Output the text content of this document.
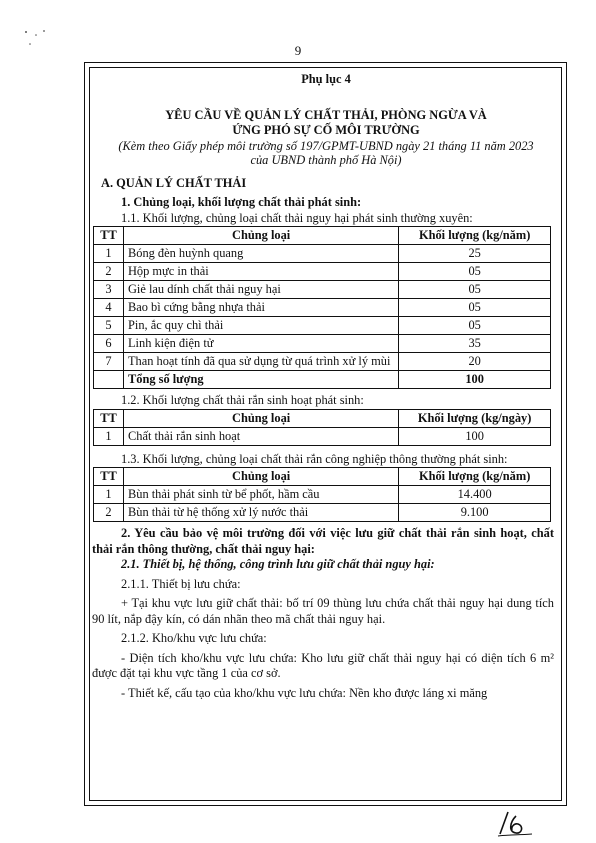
9
Phụ lục 4
YÊU CẦU VỀ QUẢN LÝ CHẤT THẢI, PHÒNG NGỪA VÀ
ỨNG PHÓ SỰ CỐ MÔI TRƯỜNG
(Kèm theo Giấy phép môi trường số 197/GPMT-UBND ngày 21 tháng 11 năm 2023
của UBND thành phố Hà Nội)
A. QUẢN LÝ CHẤT THẢI
1. Chủng loại, khối lượng chất thải phát sinh:
1.1. Khối lượng, chủng loại chất thải nguy hại phát sinh thường xuyên:
TT	Chủng loại	Khối lượng (kg/năm)
1	Bóng đèn huỳnh quang	25
2	Hộp mực in thải	05
3	Giẻ lau dính chất thải nguy hại	05
4	Bao bì cứng bằng nhựa thải	05
5	Pin, ắc quy chì thải	05
6	Linh kiện điện tử	35
7	Than hoạt tính đã qua sử dụng từ quá trình xử lý mùi	20
	Tổng số lượng	100
1.2. Khối lượng chất thải rắn sinh hoạt phát sinh:
TT	Chủng loại	Khối lượng (kg/ngày)
1	Chất thải rắn sinh hoạt	100
1.3. Khối lượng, chủng loại chất thải rắn công nghiệp thông thường phát sinh:
TT	Chủng loại	Khối lượng (kg/năm)
1	Bùn thải phát sinh từ bể phốt, hầm cầu	14.400
2	Bùn thải từ hệ thống xử lý nước thải	9.100
2. Yêu cầu bảo vệ môi trường đối với việc lưu giữ chất thải rắn sinh hoạt, chất thải rắn thông thường, chất thải nguy hại:
2.1. Thiết bị, hệ thống, công trình lưu giữ chất thải nguy hại:
2.1.1. Thiết bị lưu chứa:
+ Tại khu vực lưu giữ chất thải: bố trí 09 thùng lưu chứa chất thải nguy hại dung tích 90 lít, nắp đậy kín, có dán nhãn theo mã chất thải nguy hại.
2.1.2. Kho/khu vực lưu chứa:
- Diện tích kho/khu vực lưu chứa: Kho lưu giữ chất thải nguy hại có diện tích 6 m² được đặt tại khu vực tầng 1 của cơ sở.
- Thiết kế, cấu tạo của kho/khu vực lưu chứa: Nền kho được láng xi măng
